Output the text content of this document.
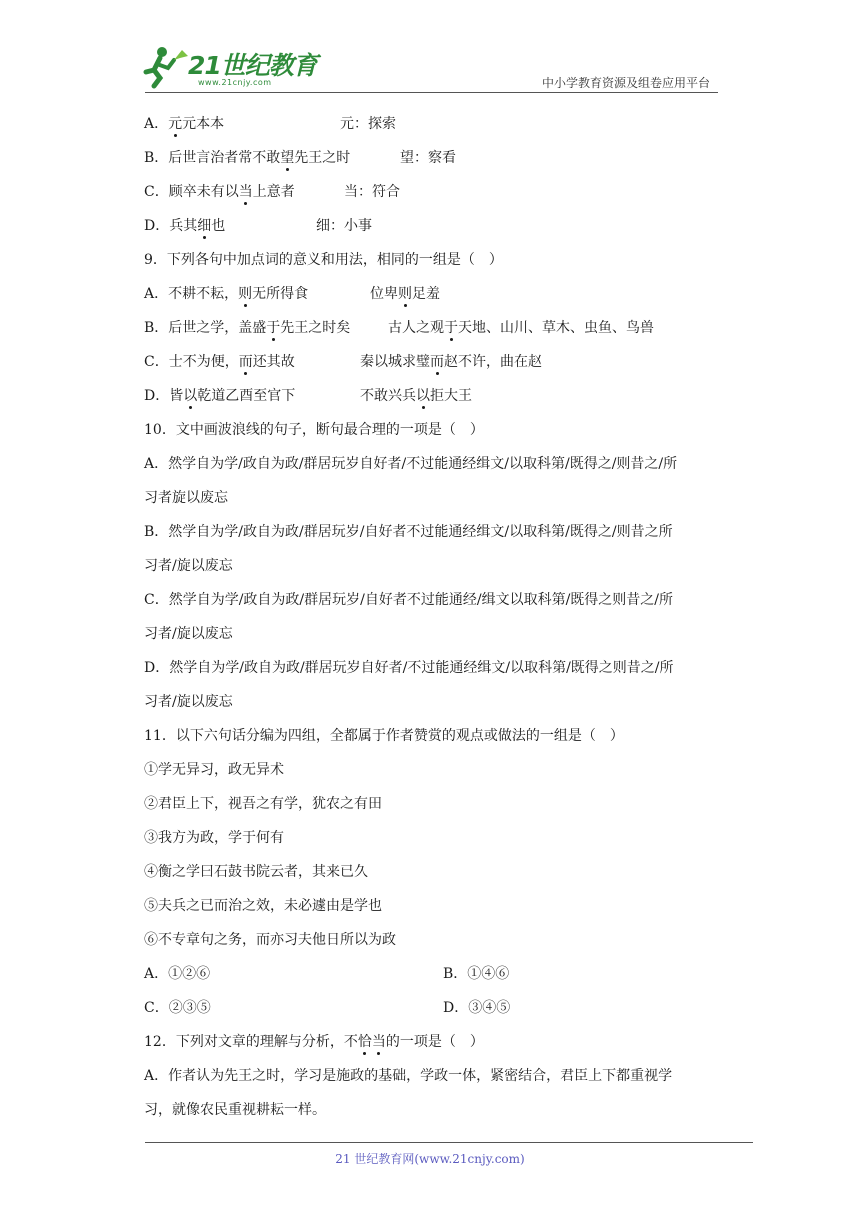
21世纪教育
www.21cnjy.com	中小学教育资源及组卷应用平台
A．元元本本	元：探索
B．后世言治者常不敢望先王之时	望：察看
C．顾卒未有以当上意者	当：符合
D．兵其细也	细：小事
9．下列各句中加点词的意义和用法，相同的一组是（　）
A．不耕不耘，则无所得食	位卑则足羞
B．后世之学，盖盛于先王之时矣	古人之观于天地、山川、草木、虫鱼、鸟兽
C．士不为便，而还其故	秦以城求璧而赵不许，曲在赵
D．皆以乾道乙酉至官下	不敢兴兵以拒大王
10．文中画波浪线的句子，断句最合理的一项是（　）
A．然学自为学/政自为政/群居玩岁自好者/不过能通经缉文/以取科第/既得之/则昔之/所
习者旋以废忘
B．然学自为学/政自为政/群居玩岁/自好者不过能通经缉文/以取科第/既得之/则昔之所
习者/旋以废忘
C．然学自为学/政自为政/群居玩岁/自好者不过能通经/缉文以取科第/既得之则昔之/所
习者/旋以废忘
D．然学自为学/政自为政/群居玩岁自好者/不过能通经缉文/以取科第/既得之则昔之/所
习者/旋以废忘
11．以下六句话分编为四组，全都属于作者赞赏的观点或做法的一组是（　）
①学无异习，政无异术
②君臣上下，视吾之有学，犹农之有田
③我方为政，学于何有
④衡之学曰石鼓书院云者，其来已久
⑤夫兵之已而治之效，未必遽由是学也
⑥不专章句之务，而亦习夫他日所以为政
A．①②⑥	B．①④⑥
C．②③⑤	D．③④⑤
12．下列对文章的理解与分析，不恰当的一项是（　）
A．作者认为先王之时，学习是施政的基础，学政一体，紧密结合，君臣上下都重视学
习，就像农民重视耕耘一样。
21 世纪教育网(www.21cnjy.com)
